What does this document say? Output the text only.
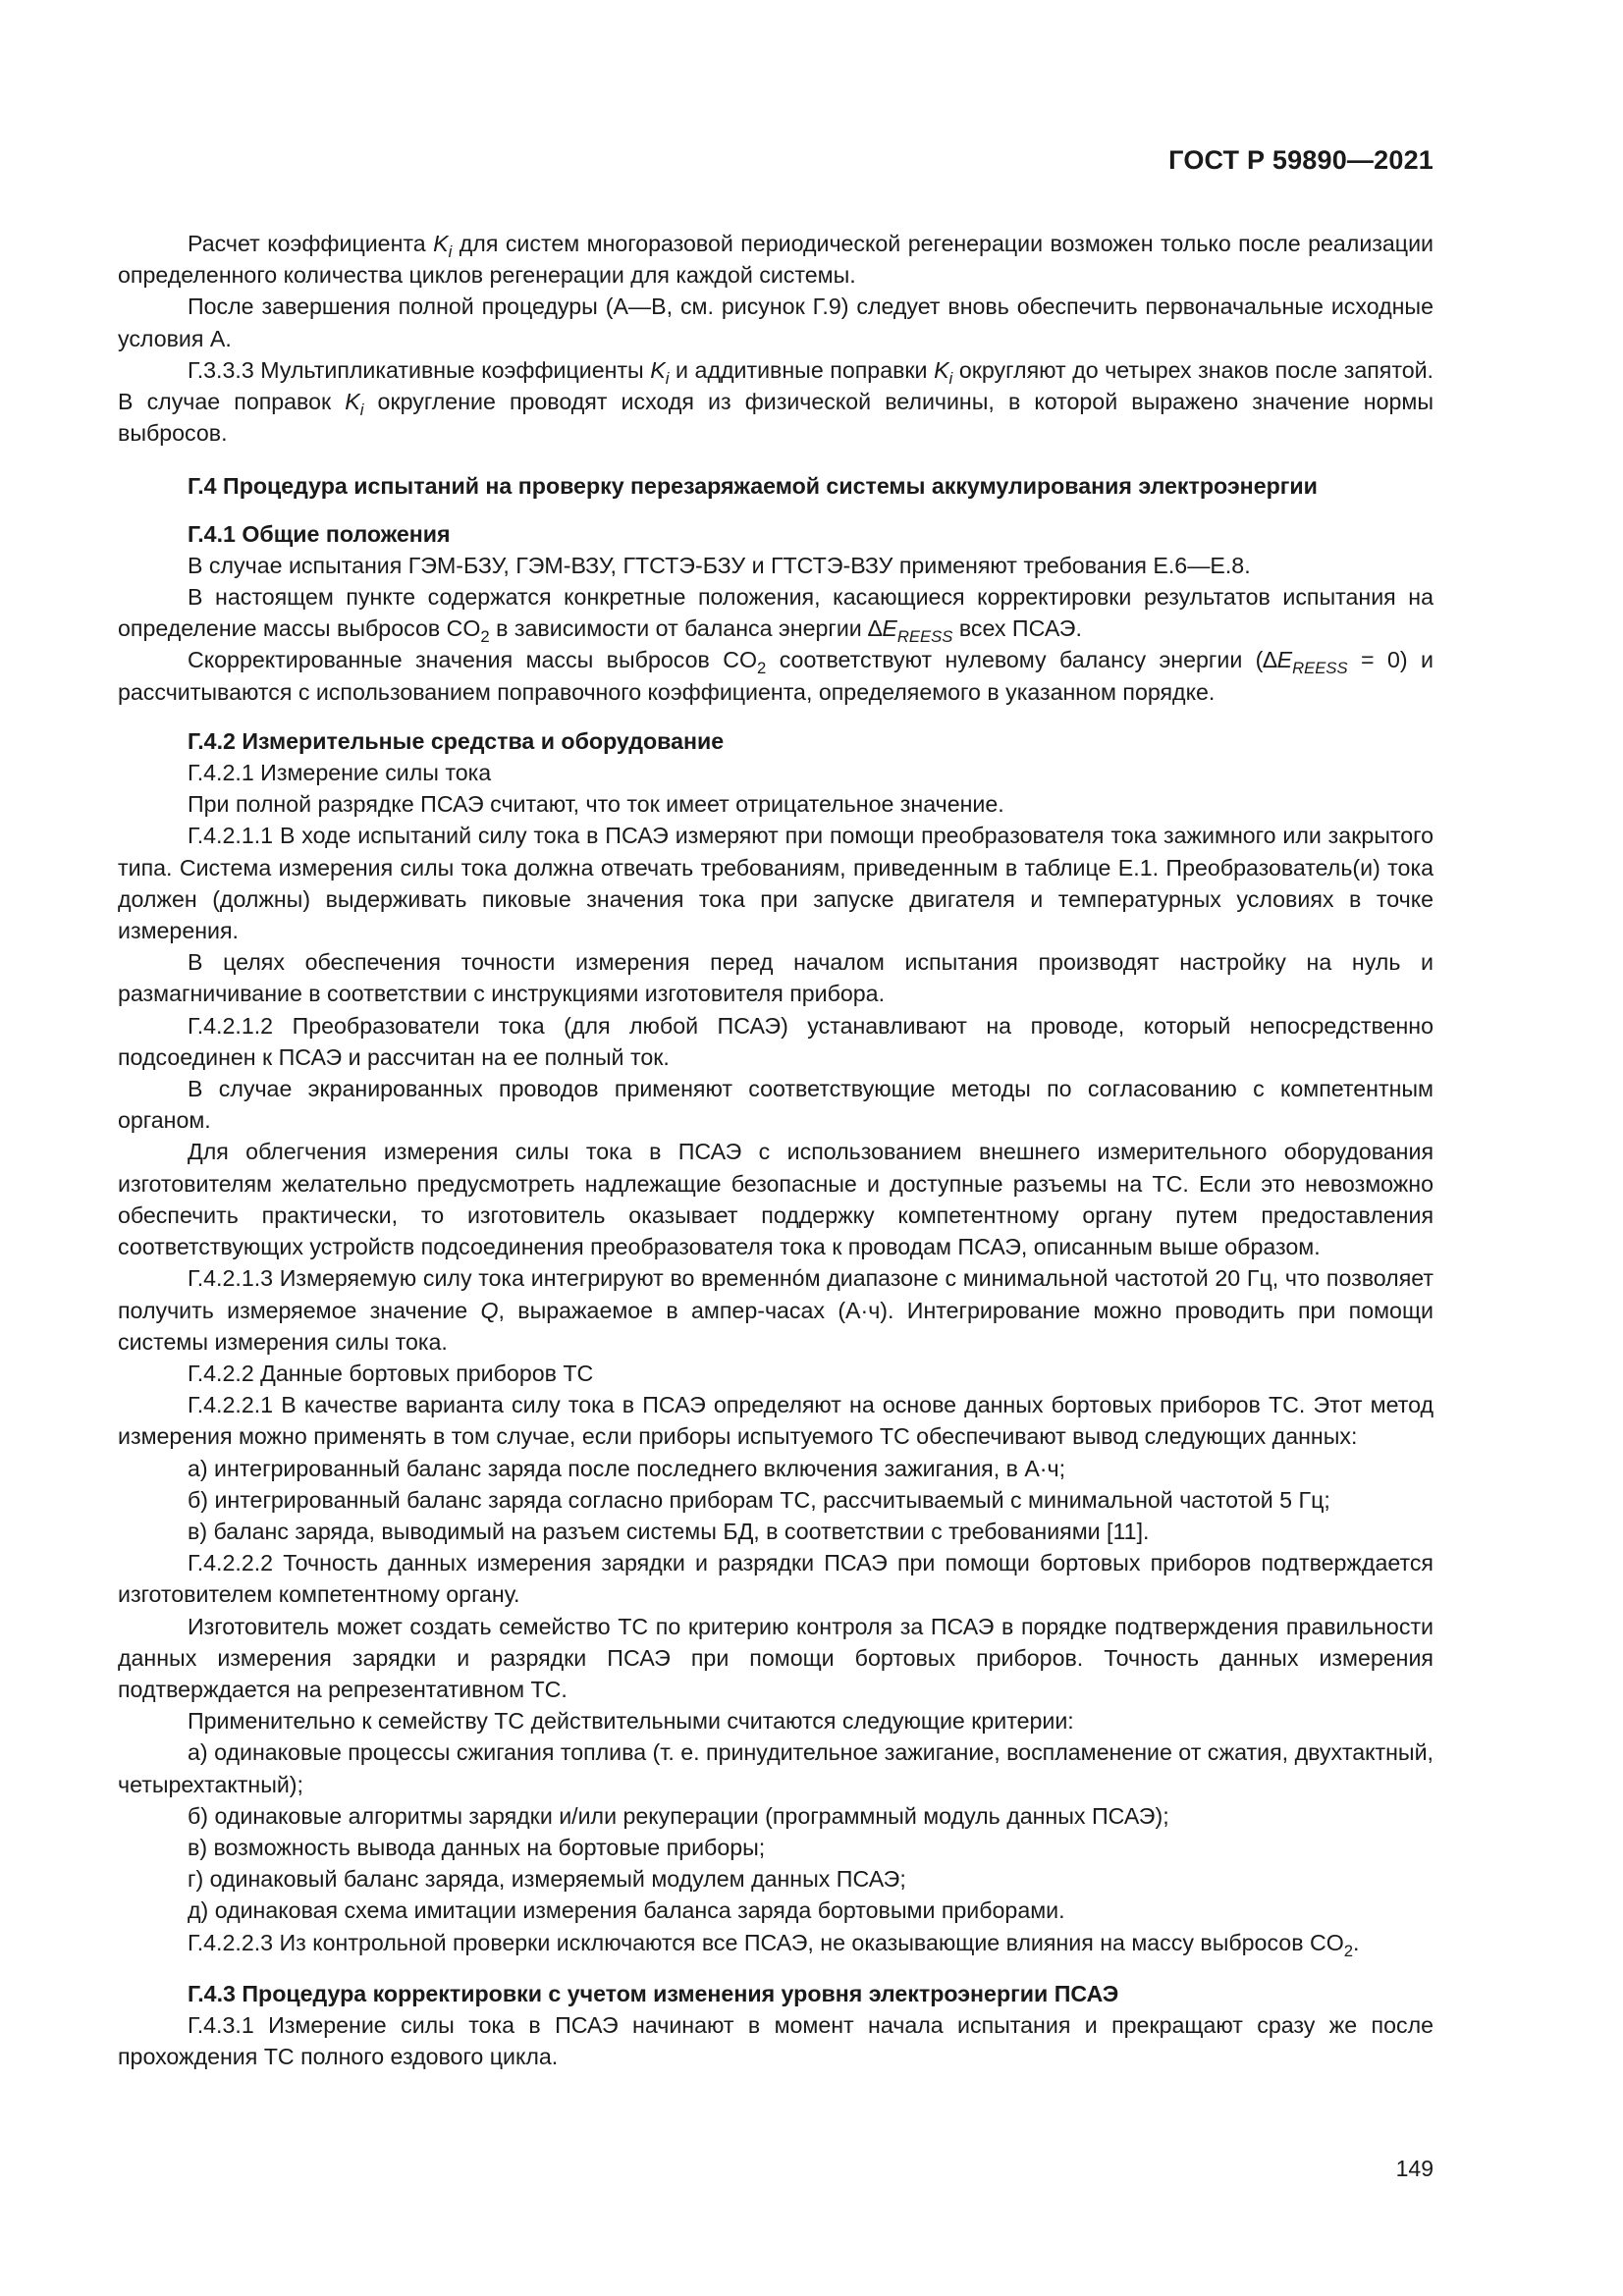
ГОСТ Р 59890—2021

Расчет коэффициента $K_i$ для систем многоразовой периодической регенерации возможен только после реализации определенного количества циклов регенерации для каждой системы.

После завершения полной процедуры (А—В, см. рисунок Г.9) следует вновь обеспечить первоначальные исходные условия А.

Г.3.3.3 Мультипликативные коэффициенты $K_i$ и аддитивные поправки $K_i$ округляют до четырех знаков после запятой. В случае поправок $K_i$ округление проводят исходя из физической величины, в которой выражено значение нормы выбросов.

Г.4 Процедура испытаний на проверку перезаряжаемой системы аккумулирования электроэнергии
Г.4.1 Общие положения

В случае испытания ГЭМ-БЗУ, ГЭМ-ВЗУ, ГТСТЭ-БЗУ и ГТСТЭ-ВЗУ применяют требования Е.6—Е.8.

В настоящем пункте содержатся конкретные положения, касающиеся корректировки результатов испытания на определение массы выбросов $CO_2$ в зависимости от баланса энергии $\Delta E_{REESS}$ всех ПСАЭ.

Скорректированные значения массы выбросов $CO_2$ соответствуют нулевому балансу энергии $(\Delta E_{REESS} = 0)$ и рассчитываются с использованием поправочного коэффициента, определяемого в указанном порядке.

Г.4.2 Измерительные средства и оборудование

Г.4.2.1 Измерение силы тока

При полной разрядке ПСАЭ считают, что ток имеет отрицательное значение.

Г.4.2.1.1 В ходе испытаний силу тока в ПСАЭ измеряют при помощи преобразователя тока зажимного или закрытого типа. Система измерения силы тока должна отвечать требованиям, приведенным в таблице Е.1. Преобразователь(и) тока должен (должны) выдерживать пиковые значения тока при запуске двигателя и температурных условиях в точке измерения.

В целях обеспечения точности измерения перед началом испытания производят настройку на нуль и размагничивание в соответствии с инструкциями изготовителя прибора.

Г.4.2.1.2 Преобразователи тока (для любой ПСАЭ) устанавливают на проводе, который непосредственно подсоединен к ПСАЭ и рассчитан на ее полный ток.

В случае экранированных проводов применяют соответствующие методы по согласованию с компетентным органом.

Для облегчения измерения силы тока в ПСАЭ с использованием внешнего измерительного оборудования изготовителям желательно предусмотреть надлежащие безопасные и доступные разъемы на ТС. Если это невозможно обеспечить практически, то изготовитель оказывает поддержку компетентному органу путем предоставления соответствующих устройств подсоединения преобразователя тока к проводам ПСАЭ, описанным выше образом.

Г.4.2.1.3 Измеряемую силу тока интегрируют во временнóм диапазоне с минимальной частотой 20 Гц, что позволяет получить измеряемое значение Q, выражаемое в ампер-часах (А·ч). Интегрирование можно проводить при помощи системы измерения силы тока.

Г.4.2.2 Данные бортовых приборов ТС

Г.4.2.2.1 В качестве варианта силу тока в ПСАЭ определяют на основе данных бортовых приборов ТС. Этот метод измерения можно применять в том случае, если приборы испытуемого ТС обеспечивают вывод следующих данных:

а) интегрированный баланс заряда после последнего включения зажигания, в А·ч;

б) интегрированный баланс заряда согласно приборам ТС, рассчитываемый с минимальной частотой 5 Гц;

в) баланс заряда, выводимый на разъем системы БД, в соответствии с требованиями [11].

Г.4.2.2.2 Точность данных измерения зарядки и разрядки ПСАЭ при помощи бортовых приборов подтверждается изготовителем компетентному органу.

Изготовитель может создать семейство ТС по критерию контроля за ПСАЭ в порядке подтверждения правильности данных измерения зарядки и разрядки ПСАЭ при помощи бортовых приборов. Точность данных измерения подтверждается на репрезентативном ТС.

Применительно к семейству ТС действительными считаются следующие критерии:

а) одинаковые процессы сжигания топлива (т. е. принудительное зажигание, воспламенение от сжатия, двухтактный, четырехтактный);

б) одинаковые алгоритмы зарядки и/или рекуперации (программный модуль данных ПСАЭ);

в) возможность вывода данных на бортовые приборы;

г) одинаковый баланс заряда, измеряемый модулем данных ПСАЭ;

д) одинаковая схема имитации измерения баланса заряда бортовыми приборами.

Г.4.2.2.3 Из контрольной проверки исключаются все ПСАЭ, не оказывающие влияния на массу выбросов $CO_2$.

Г.4.3 Процедура корректировки с учетом изменения уровня электроэнергии ПСАЭ

Г.4.3.1 Измерение силы тока в ПСАЭ начинают в момент начала испытания и прекращают сразу же после прохождения ТС полного ездового цикла.

149
